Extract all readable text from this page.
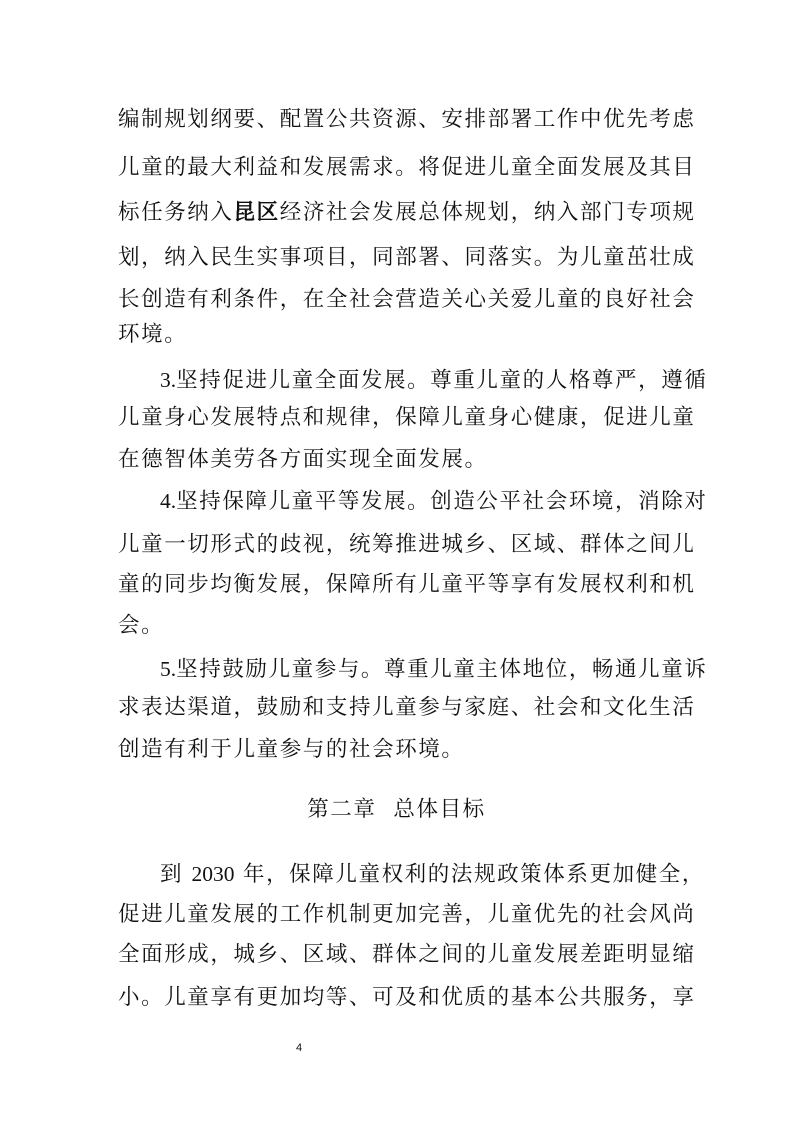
编制规划纲要、配置公共资源、安排部署工作中优先考虑
儿童的最大利益和发展需求。将促进儿童全面发展及其目
标任务纳入昆区经济社会发展总体规划，纳入部门专项规
划，纳入民生实事项目，同部署、同落实。为儿童茁壮成
长创造有利条件，在全社会营造关心关爱儿童的良好社会
环境。
3.坚持促进儿童全面发展。尊重儿童的人格尊严，遵循
儿童身心发展特点和规律，保障儿童身心健康，促进儿童
在德智体美劳各方面实现全面发展。
4.坚持保障儿童平等发展。创造公平社会环境，消除对
儿童一切形式的歧视，统筹推进城乡、区域、群体之间儿
童的同步均衡发展，保障所有儿童平等享有发展权利和机
会。
5.坚持鼓励儿童参与。尊重儿童主体地位，畅通儿童诉
求表达渠道，鼓励和支持儿童参与家庭、社会和文化生活
创造有利于儿童参与的社会环境。
第二章  总体目标
到 2030 年，保障儿童权利的法规政策体系更加健全，
促进儿童发展的工作机制更加完善，儿童优先的社会风尚
全面形成，城乡、区域、群体之间的儿童发展差距明显缩
小。儿童享有更加均等、可及和优质的基本公共服务，享
4
